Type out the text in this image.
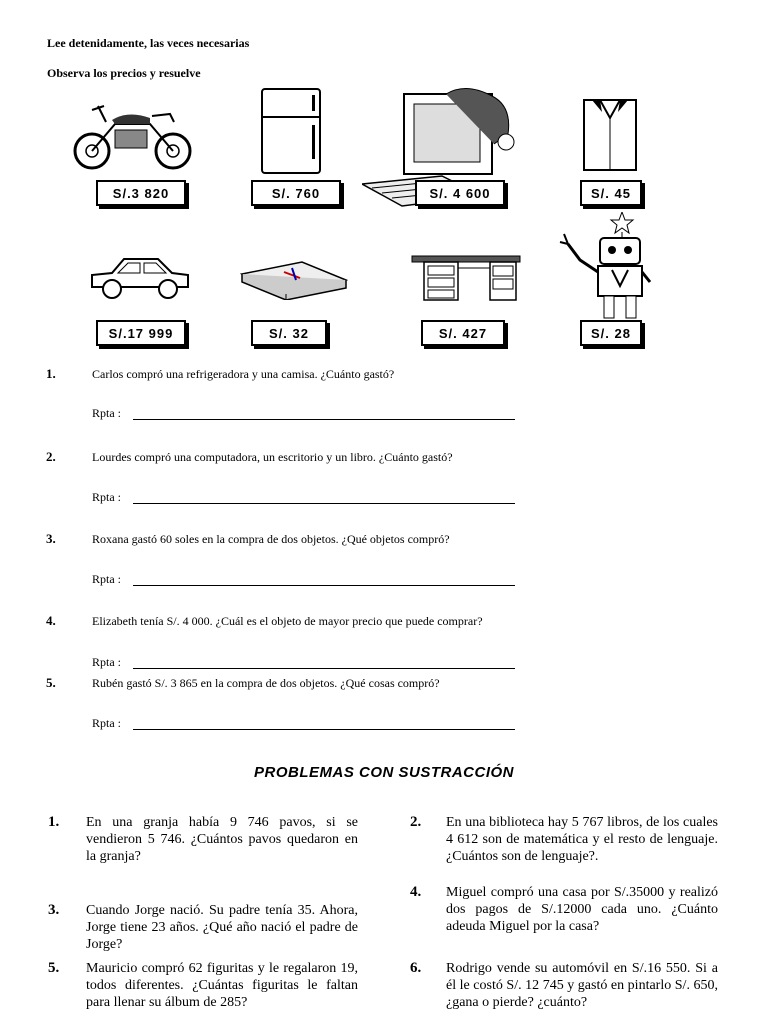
Lee detenidamente, las veces necesarias
Observa los precios y resuelve
S/.3 820	S/. 760	S/. 4 600	S/. 45
S/.17 999	S/. 32	S/. 427	S/. 28
1.	Carlos compró una refrigeradora y una camisa. ¿Cuánto gastó?
Rpta :
2.	Lourdes compró una computadora, un escritorio y un libro. ¿Cuánto gastó?
Rpta :
3.	Roxana gastó 60 soles en la compra de dos objetos. ¿Qué objetos compró?
Rpta :
4.	Elizabeth tenía S/. 4 000. ¿Cuál es el objeto de mayor precio que puede comprar?
Rpta :
5.	Rubén gastó S/. 3 865 en la compra de dos objetos. ¿Qué cosas compró?
Rpta :
PROBLEMAS CON SUSTRACCIÓN
1. En una granja había 9 746 pavos, si se vendieron 5 746. ¿Cuántos pavos quedaron en la granja?
2. En una biblioteca hay 5 767 libros, de los cuales 4 612 son de matemática y el resto de lenguaje. ¿Cuántos son de lenguaje?.
3. Cuando Jorge nació. Su padre tenía 35. Ahora, Jorge tiene 23 años. ¿Qué año nació el padre de Jorge?
4. Miguel compró una casa por S/.35000 y realizó dos pagos de S/.12000 cada uno. ¿Cuánto adeuda Miguel por la casa?
5. Mauricio compró 62 figuritas y le regalaron 19, todos diferentes. ¿Cuántas figuritas le faltan para llenar su álbum de 285?
6. Rodrigo vende su automóvil en S/.16 550. Si a él le costó S/. 12 745 y gastó en pintarlo S/. 650, ¿gana o pierde? ¿cuánto?
